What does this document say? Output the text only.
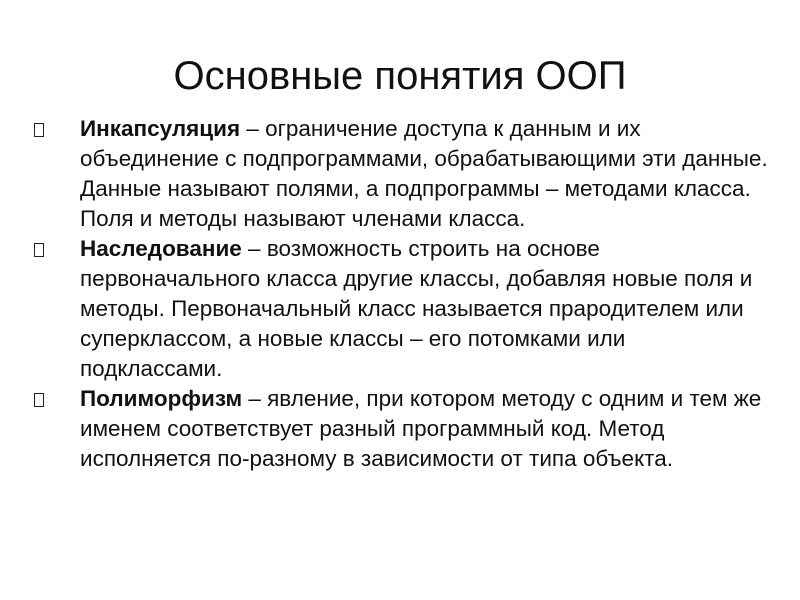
Основные понятия ООП
Инкапсуляция – ограничение доступа к данным и их объединение с подпрограммами, обрабатывающими эти данные. Данные называют полями, а подпрограммы – методами класса. Поля и методы называют членами класса.
Наследование – возможность строить на основе первоначального класса другие классы, добавляя новые поля и методы. Первоначальный класс называется прародителем или суперклассом, а новые классы – его потомками или подклассами.
Полиморфизм – явление, при котором методу с одним и тем же именем соответствует разный программный код. Метод исполняется по-разному в зависимости от типа объекта.
